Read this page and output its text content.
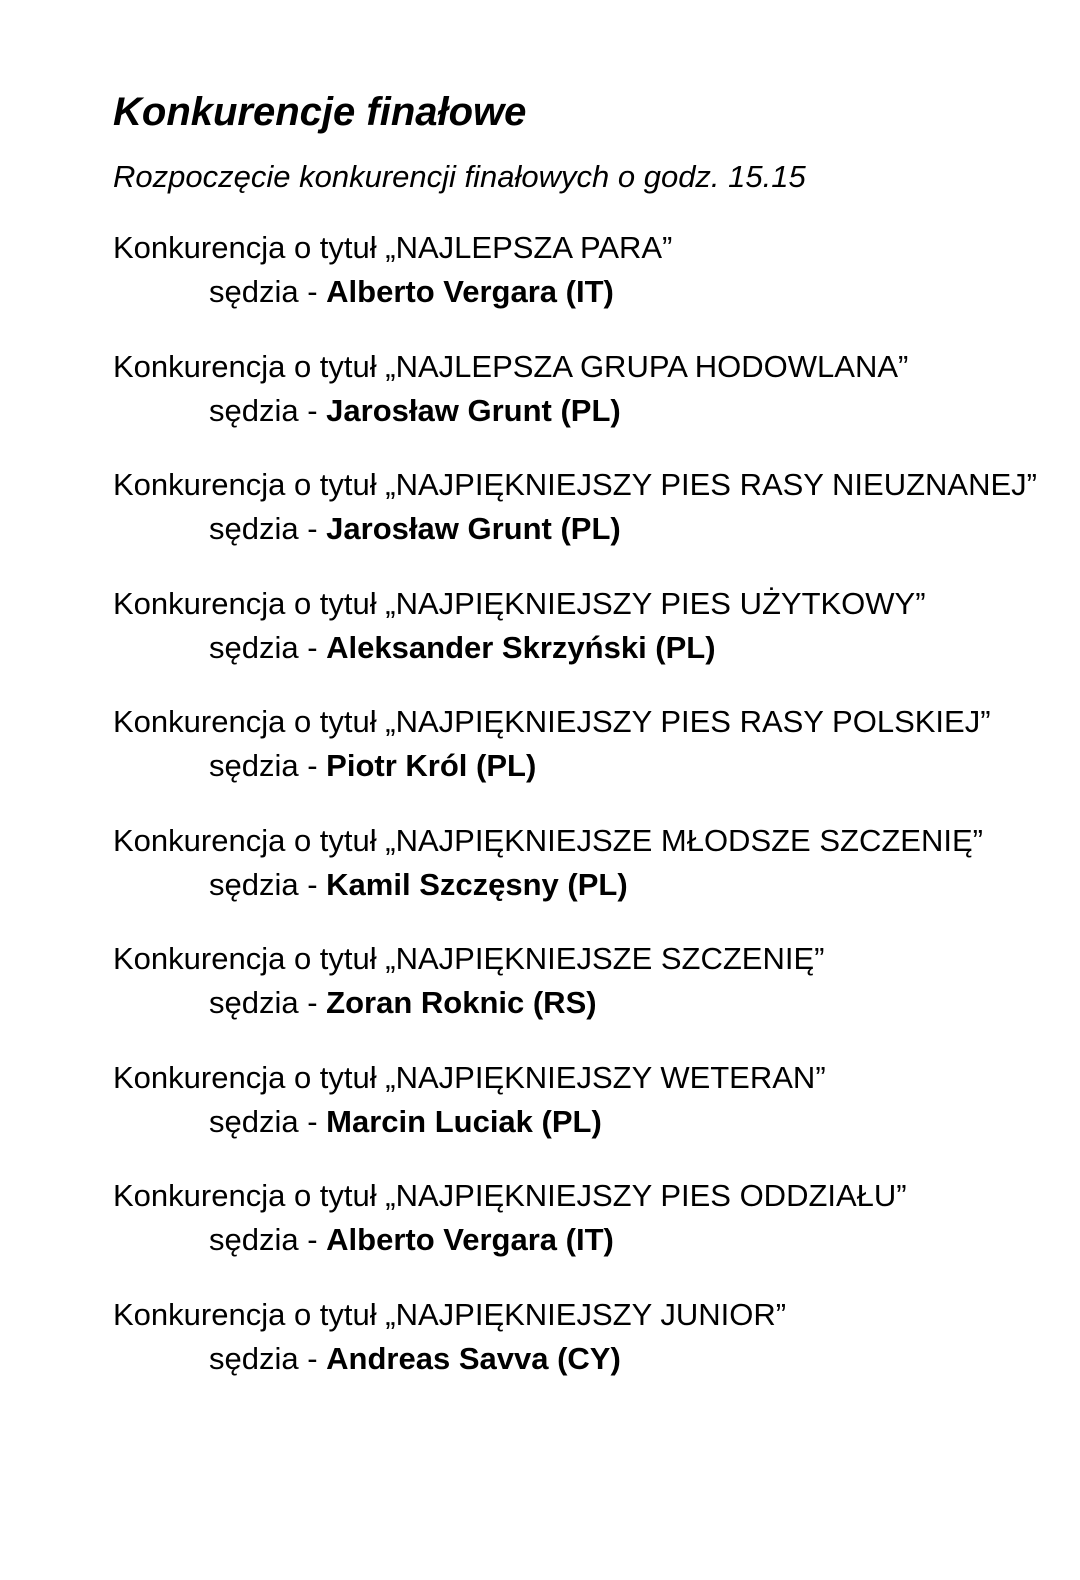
Konkurencje finałowe
Rozpoczęcie konkurencji finałowych o godz. 15.15
Konkurencja o tytuł „NAJLEPSZA PARA”
sędzia - Alberto Vergara (IT)
Konkurencja o tytuł „NAJLEPSZA GRUPA HODOWLANA”
sędzia - Jarosław Grunt (PL)
Konkurencja o tytuł „NAJPIĘKNIEJSZY PIES RASY NIEUZNANEJ”
sędzia - Jarosław Grunt (PL)
Konkurencja o tytuł „NAJPIĘKNIEJSZY PIES UŻYTKOWY”
sędzia - Aleksander Skrzyński (PL)
Konkurencja o tytuł „NAJPIĘKNIEJSZY PIES RASY POLSKIEJ”
sędzia - Piotr Król (PL)
Konkurencja o tytuł „NAJPIĘKNIEJSZE MŁODSZE SZCZENIĘ”
sędzia - Kamil Szczęsny (PL)
Konkurencja o tytuł „NAJPIĘKNIEJSZE SZCZENIĘ”
sędzia - Zoran Roknic (RS)
Konkurencja o tytuł „NAJPIĘKNIEJSZY WETERAN”
sędzia - Marcin Luciak (PL)
Konkurencja o tytuł „NAJPIĘKNIEJSZY PIES ODDZIAŁU”
sędzia - Alberto Vergara (IT)
Konkurencja o tytuł „NAJPIĘKNIEJSZY JUNIOR”
sędzia - Andreas Savva (CY)
